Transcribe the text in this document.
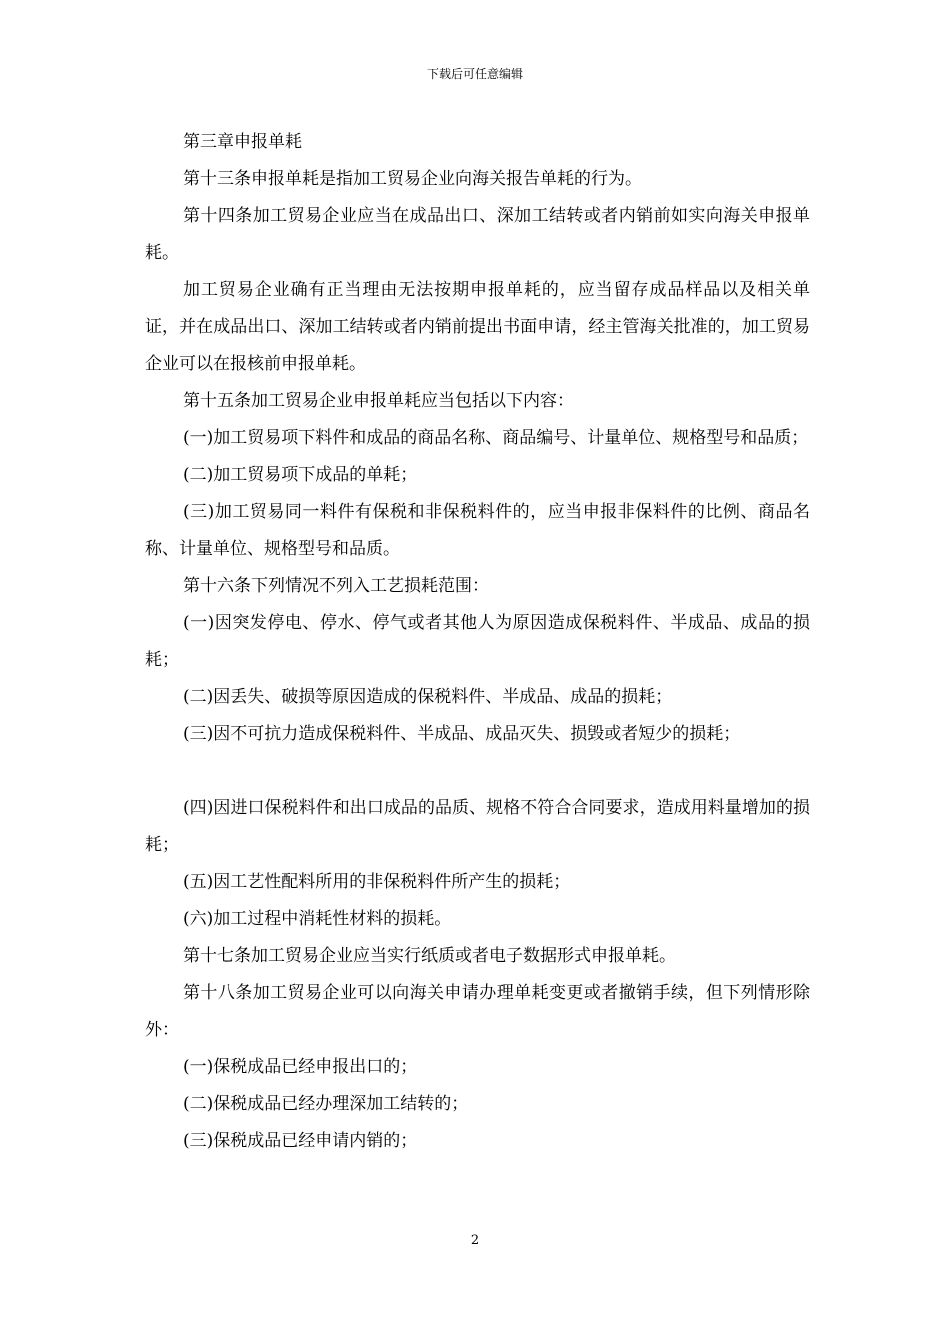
下载后可任意编辑

第三章申报单耗

第十三条申报单耗是指加工贸易企业向海关报告单耗的行为。

第十四条加工贸易企业应当在成品出口、深加工结转或者内销前如实向海关申报单耗。

加工贸易企业确有正当理由无法按期申报单耗的，应当留存成品样品以及相关单证，并在成品出口、深加工结转或者内销前提出书面申请，经主管海关批准的，加工贸易企业可以在报核前申报单耗。

第十五条加工贸易企业申报单耗应当包括以下内容：

(一)加工贸易项下料件和成品的商品名称、商品编号、计量单位、规格型号和品质；

(二)加工贸易项下成品的单耗；

(三)加工贸易同一料件有保税和非保税料件的，应当申报非保料件的比例、商品名称、计量单位、规格型号和品质。

第十六条下列情况不列入工艺损耗范围：

(一)因突发停电、停水、停气或者其他人为原因造成保税料件、半成品、成品的损耗；

(二)因丢失、破损等原因造成的保税料件、半成品、成品的损耗；

(三)因不可抗力造成保税料件、半成品、成品灭失、损毁或者短少的损耗；

(四)因进口保税料件和出口成品的品质、规格不符合合同要求，造成用料量增加的损耗；

(五)因工艺性配料所用的非保税料件所产生的损耗；

(六)加工过程中消耗性材料的损耗。

第十七条加工贸易企业应当实行纸质或者电子数据形式申报单耗。

第十八条加工贸易企业可以向海关申请办理单耗变更或者撤销手续，但下列情形除外：

(一)保税成品已经申报出口的；

(二)保税成品已经办理深加工结转的；

(三)保税成品已经申请内销的；

2
